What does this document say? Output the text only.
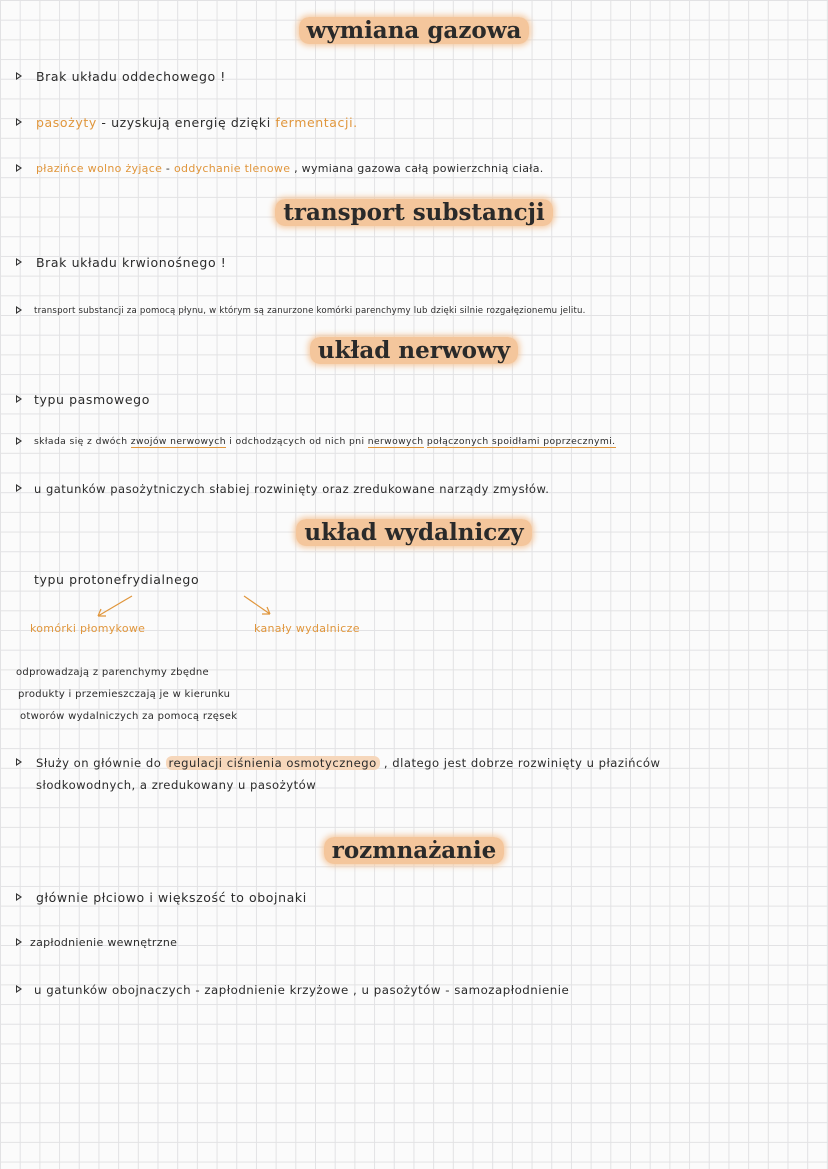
wymiana gazowa
Brak układu oddechowego !
pasożyty - uzyskują energię dzięki fermentacji.
płazińce wolno żyjące - oddychanie tlenowe , wymiana gazowa całą powierzchnią ciała.
transport substancji
Brak układu krwionośnego !
transport substancji za pomocą płynu, w którym są zanurzone komórki parenchymy lub dzięki silnie rozgałęzionemu jelitu.
układ nerwowy
typu pasmowego
składa się z dwóch zwojów nerwowych i odchodzących od nich pni nerwowych połączonych spoidłami poprzecznymi.
u gatunków pasożytniczych słabiej rozwinięty oraz zredukowane narządy zmysłów.
układ wydalniczy
typu protonefrydialnego
komórki płomykowe	kanały wydalnicze
odprowadzają z parenchymy zbędne
produkty i przemieszczają je w kierunku
otworów wydalniczych za pomocą rzęsek
Służy on głównie do regulacji ciśnienia osmotycznego , dlatego jest dobrze rozwinięty u płazińców
słodkowodnych, a zredukowany u pasożytów
rozmnażanie
głównie płciowo i większość to obojnaki
zapłodnienie wewnętrzne
u gatunków obojnaczych - zapłodnienie krzyżowe , u pasożytów - samozapłodnienie
